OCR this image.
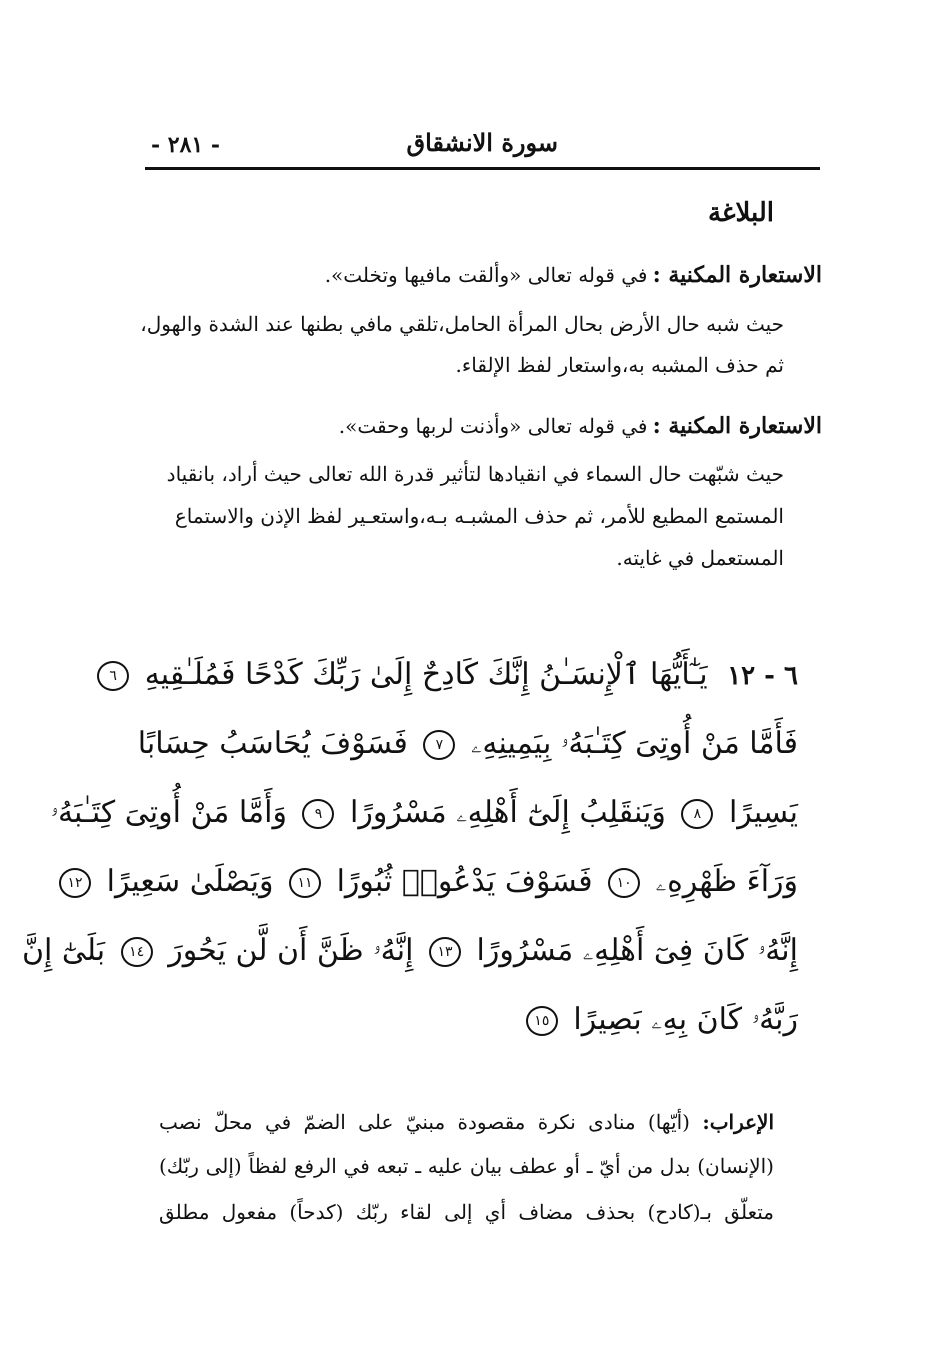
سورة الانشقاق
- ٢٨١ -
البلاغة
الاستعارة المكنية : في قوله تعالى «وألقت مافيها وتخلت».
حيث شبه حال الأرض بحال المرأة الحامل،تلقي مافي بطنها عند الشدة والهول،
ثم حذف المشبه به،واستعار لفظ الإلقاء.
الاستعارة المكنية : في قوله تعالى «وأذنت لربها وحقت».
حيث شبّهت حال السماء في انقيادها لتأثير قدرة الله تعالى حيث أراد، بانقياد
المستمع المطيع للأمر، ثم حذف المشبـه بـه،واستعـير لفظ الإذن والاستماع
المستعمل في غايته.
٦ - ١٢ يَـٰٓأَيُّهَا ٱلْإِنسَـٰنُ إِنَّكَ كَادِحٌ إِلَىٰ رَبِّكَ كَدْحًا فَمُلَـٰقِيهِ ٦
فَأَمَّا مَنْ أُوتِىَ كِتَـٰبَهُۥ بِيَمِينِهِۦ ٧ فَسَوْفَ يُحَاسَبُ حِسَابًا
يَسِيرًا ٨ وَيَنقَلِبُ إِلَىٰٓ أَهْلِهِۦ مَسْرُورًا ٩ وَأَمَّا مَنْ أُوتِىَ كِتَـٰبَهُۥ
وَرَآءَ ظَهْرِهِۦ ١٠ فَسَوْفَ يَدْعُوا۟ ثُبُورًا ١١ وَيَصْلَىٰ سَعِيرًا ١٢
إِنَّهُۥ كَانَ فِىٓ أَهْلِهِۦ مَسْرُورًا ١٣ إِنَّهُۥ ظَنَّ أَن لَّن يَحُورَ ١٤ بَلَىٰٓ إِنَّ
رَبَّهُۥ كَانَ بِهِۦ بَصِيرًا ١٥
الإعراب: (أيّها) منادى نكرة مقصودة مبنيّ على الضمّ في محلّ نصب
(الإنسان) بدل من أيّ ـ أو عطف بيان عليه ـ تبعه في الرفع لفظاً (إلى ربّك)
متعلّق بـ(كادح) بحذف مضاف أي إلى لقاء ربّك (كدحاً) مفعول مطلق
